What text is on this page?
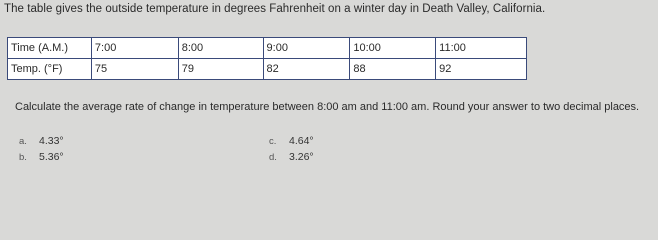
The table gives the outside temperature in degrees Fahrenheit on a winter day in Death Valley, California.
Time (A.M.)	7:00	8:00	9:00	10:00	11:00
Temp. (°F)	75	79	82	88	92
Calculate the average rate of change in temperature between 8:00 am and 11:00 am. Round your answer to two decimal places.
a.	4.33°
b.	5.36°
c.	4.64°
d.	3.26°
